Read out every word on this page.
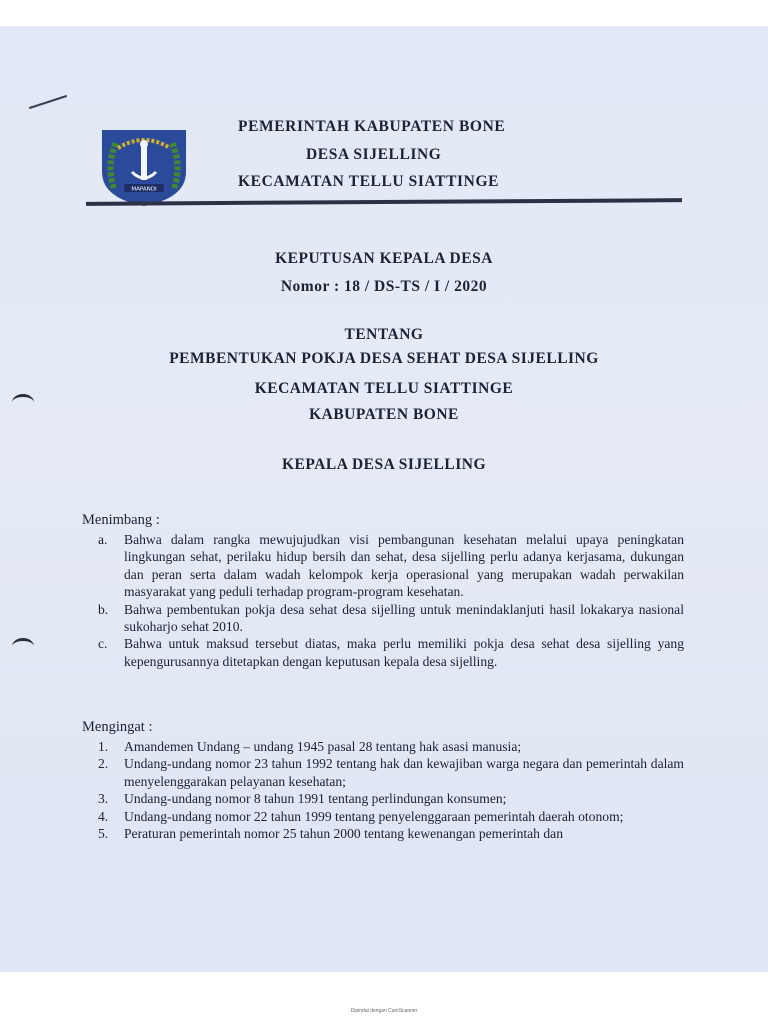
MAPANDI
PEMERINTAH KABUPATEN BONE
DESA SIJELLING
KECAMATAN TELLU SIATTINGE
KEPUTUSAN KEPALA DESA
Nomor : 18 / DS-TS / I / 2020
TENTANG
PEMBENTUKAN POKJA DESA SEHAT DESA SIJELLING
KECAMATAN TELLU SIATTINGE
KABUPATEN BONE
KEPALA DESA SIJELLING
Menimbang :
a.	Bahwa dalam rangka mewujujudkan visi pembangunan kesehatan melalui upaya peningkatan lingkungan sehat, perilaku hidup bersih dan sehat, desa sijelling perlu adanya kerjasama, dukungan dan peran serta dalam wadah kelompok kerja operasional yang merupakan wadah perwakilan masyarakat yang peduli terhadap program-program kesehatan.
b.	Bahwa pembentukan pokja desa sehat desa sijelling untuk menindaklanjuti hasil lokakarya nasional sukoharjo sehat 2010.
c.	Bahwa untuk maksud tersebut diatas, maka perlu memiliki pokja desa sehat desa sijelling yang kepengurusannya ditetapkan dengan keputusan kepala desa sijelling.
Mengingat :
1.	Amandemen Undang – undang 1945 pasal 28 tentang hak asasi manusia;
2.	Undang-undang nomor 23 tahun 1992 tentang hak dan kewajiban warga negara dan pemerintah dalam menyelenggarakan pelayanan kesehatan;
3.	Undang-undang nomor 8 tahun 1991 tentang perlindungan konsumen;
4.	Undang-undang nomor 22 tahun 1999 tentang penyelenggaraan pemerintah daerah otonom;
5.	Peraturan pemerintah nomor 25 tahun 2000 tentang kewenangan pemerintah dan
Dipindai dengan CamScanner
